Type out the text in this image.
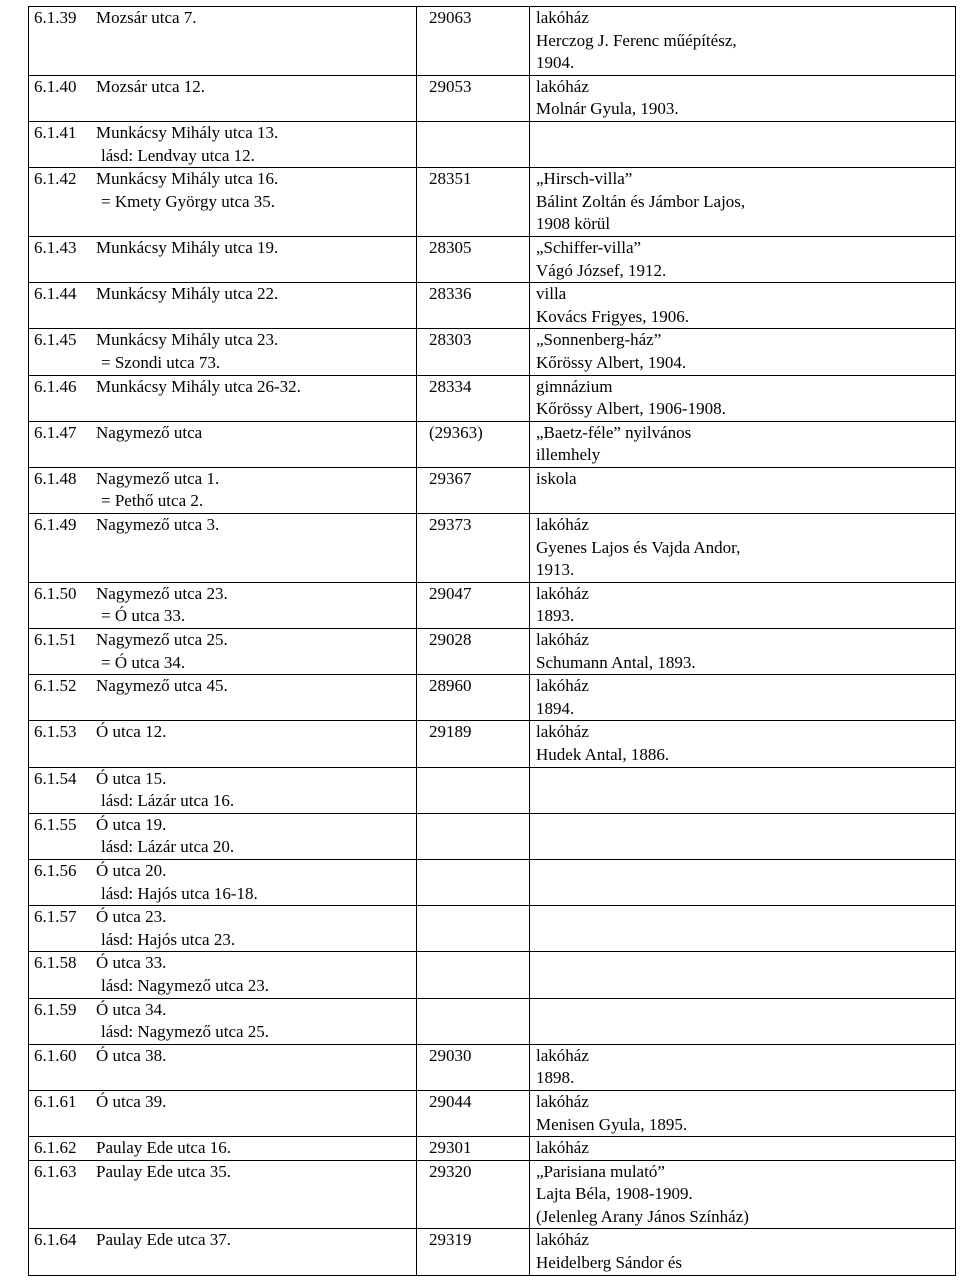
6.1.39 Mozsár utca 7.	29063	lakóház
Herczog J. Ferenc műépítész,
1904.

6.1.40 Mozsár utca 12.	29053	lakóház
Molnár Gyula, 1903.

6.1.41 Munkácsy Mihály utca 13.
lásd: Lendvay utca 12.		

6.1.42 Munkácsy Mihály utca 16.
= Kmety György utca 35.	28351	„Hirsch-villa”
Bálint Zoltán és Jámbor Lajos,
1908 körül

6.1.43 Munkácsy Mihály utca 19.	28305	„Schiffer-villa”
Vágó József, 1912.

6.1.44 Munkácsy Mihály utca 22.	28336	villa
Kovács Frigyes, 1906.

6.1.45 Munkácsy Mihály utca 23.
= Szondi utca 73.	28303	„Sonnenberg-ház”
Kőrössy Albert, 1904.

6.1.46 Munkácsy Mihály utca 26-32.	28334	gimnázium
Kőrössy Albert, 1906-1908.

6.1.47 Nagymező utca	(29363)	„Baetz-féle” nyilvános
illemhely

6.1.48 Nagymező utca 1.
= Pethő utca 2.	29367	iskola

6.1.49 Nagymező utca 3.	29373	lakóház
Gyenes Lajos és Vajda Andor,
1913.

6.1.50 Nagymező utca 23.
= Ó utca 33.	29047	lakóház
1893.

6.1.51 Nagymező utca 25.
= Ó utca 34.	29028	lakóház
Schumann Antal, 1893.

6.1.52 Nagymező utca 45.	28960	lakóház
1894.

6.1.53 Ó utca 12.	29189	lakóház
Hudek Antal, 1886.

6.1.54 Ó utca 15.
lásd: Lázár utca 16.		

6.1.55 Ó utca 19.
lásd: Lázár utca 20.		

6.1.56 Ó utca 20.
lásd: Hajós utca 16-18.		

6.1.57 Ó utca 23.
lásd: Hajós utca 23.		

6.1.58 Ó utca 33.
lásd: Nagymező utca 23.		

6.1.59 Ó utca 34.
lásd: Nagymező utca 25.		

6.1.60 Ó utca 38.	29030	lakóház
1898.

6.1.61 Ó utca 39.	29044	lakóház
Menisen Gyula, 1895.

6.1.62 Paulay Ede utca 16.	29301	lakóház

6.1.63 Paulay Ede utca 35.	29320	„Parisiana mulató”
Lajta Béla, 1908-1909.
(Jelenleg Arany János Színház)

6.1.64 Paulay Ede utca 37.	29319	lakóház
Heidelberg Sándor és
